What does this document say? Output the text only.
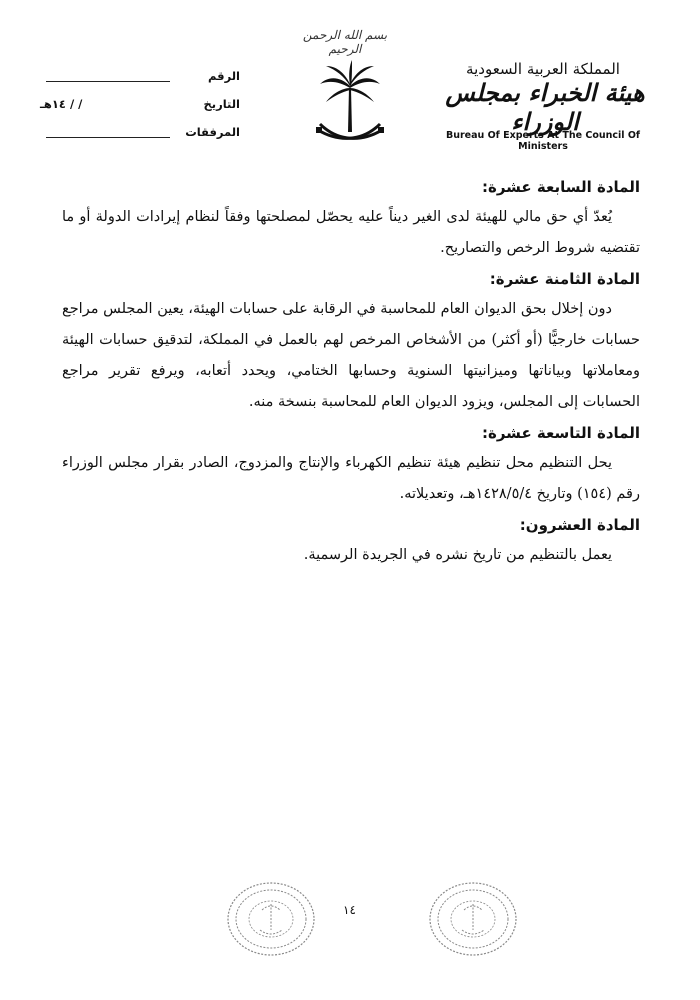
الرقم
التاريخ
/ / ١٤هـ
المرفقات
بسم الله الرحمن الرحيم
المملكة العربية السعودية
هيئة الخبراء بمجلس الوزراء
Bureau Of Experts At The Council Of Ministers

المادة السابعة عشرة:

يُعدّ أي حق مالي للهيئة لدى الغير ديناً عليه يحصّل لمصلحتها وفقاً لنظام إيرادات الدولة أو ما تقتضيه شروط الرخص والتصاريح.

المادة الثامنة عشرة:

دون إخلال بحق الديوان العام للمحاسبة في الرقابة على حسابات الهيئة، يعين المجلس مراجع حسابات خارجيًّا (أو أكثر) من الأشخاص المرخص لهم بالعمل في المملكة، لتدقيق حسابات الهيئة ومعاملاتها وبياناتها وميزانيتها السنوية وحسابها الختامي، ويحدد أتعابه، ويرفع تقرير مراجع الحسابات إلى المجلس، ويزود الديوان العام للمحاسبة بنسخة منه.

المادة التاسعة عشرة:

يحل التنظيم محل تنظيم هيئة تنظيم الكهرباء والإنتاج والمزدوج، الصادر بقرار مجلس الوزراء رقم (١٥٤) وتاريخ ١٤٢٨/٥/٤هـ، وتعديلاته.

المادة العشرون:

يعمل بالتنظيم من تاريخ نشره في الجريدة الرسمية.

١٤
